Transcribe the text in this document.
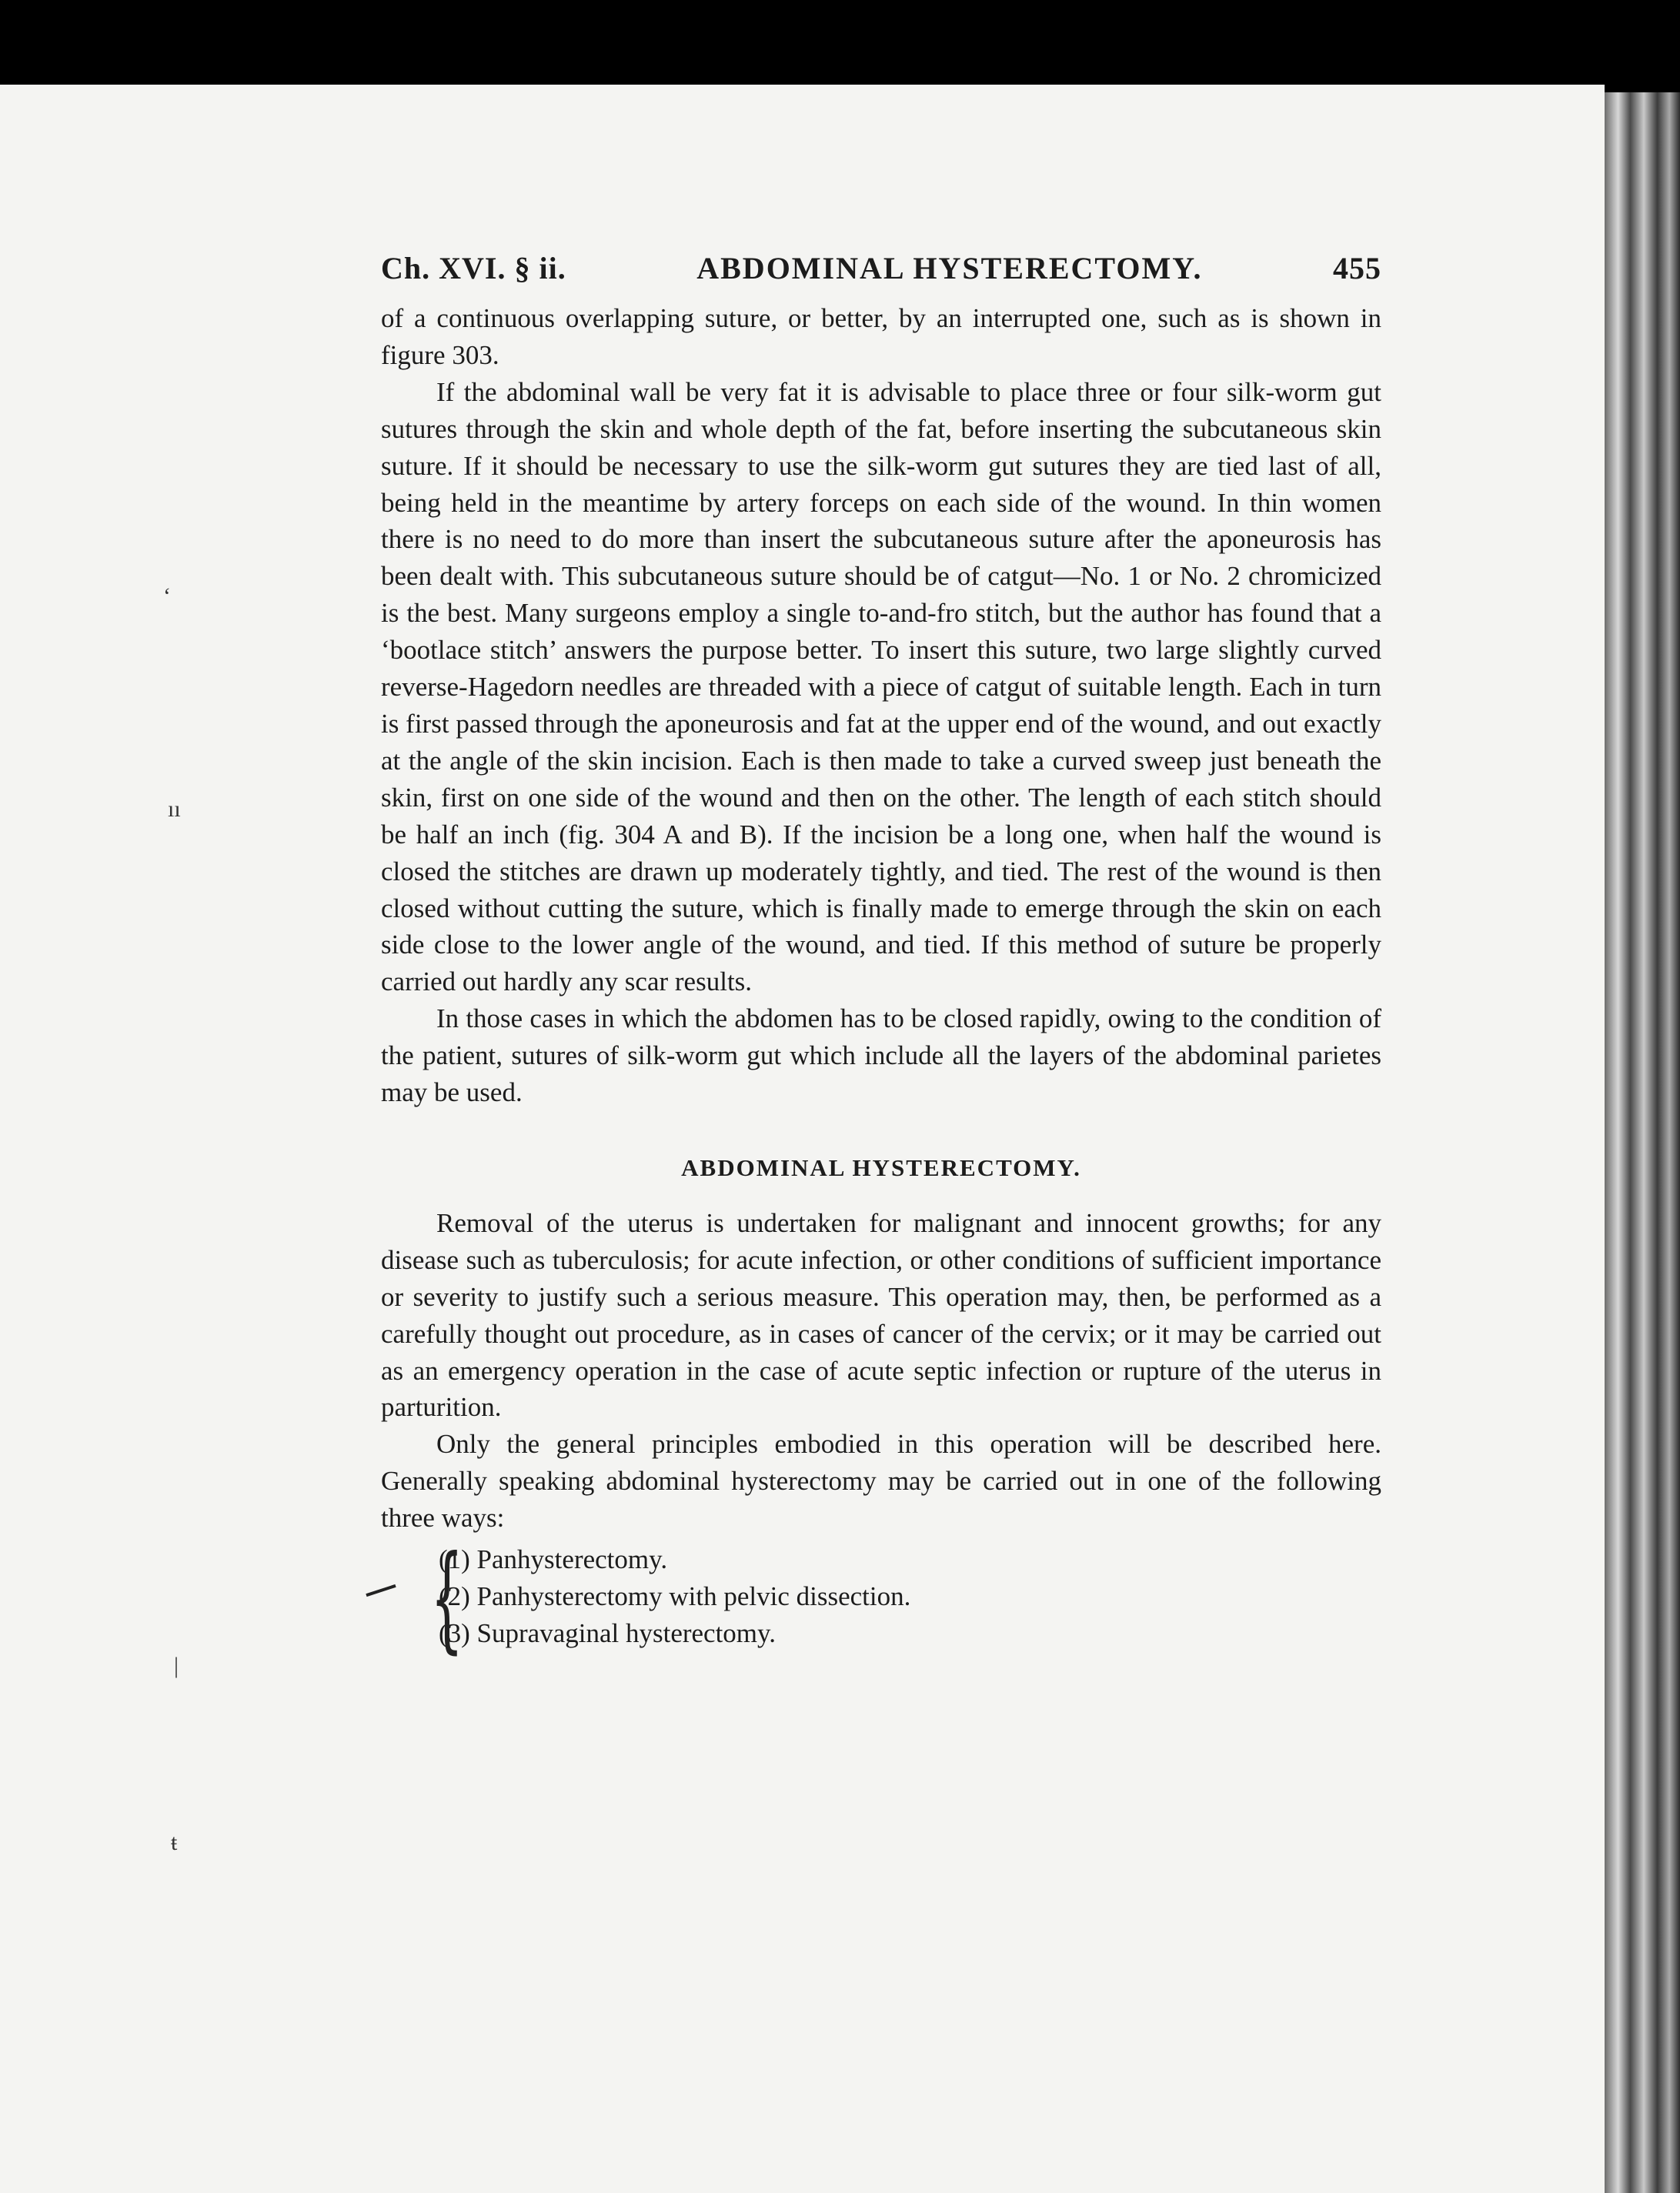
‘
ıı
|
ŧ
Ch. XVI. § ii.	ABDOMINAL HYSTERECTOMY.	455

of a continuous overlapping suture, or better, by an interrupted one, such as is shown in figure 303.

If the abdominal wall be very fat it is advisable to place three or four silk-worm gut sutures through the skin and whole depth of the fat, before inserting the subcutaneous skin suture. If it should be necessary to use the silk-worm gut sutures they are tied last of all, being held in the meantime by artery forceps on each side of the wound. In thin women there is no need to do more than insert the subcutaneous suture after the aponeurosis has been dealt with. This subcutaneous suture should be of catgut—No. 1 or No. 2 chromicized is the best. Many surgeons employ a single to-and-fro stitch, but the author has found that a ‘bootlace stitch’ answers the purpose better. To insert this suture, two large slightly curved reverse-Hagedorn needles are threaded with a piece of catgut of suitable length. Each in turn is first passed through the aponeurosis and fat at the upper end of the wound, and out exactly at the angle of the skin incision. Each is then made to take a curved sweep just beneath the skin, first on one side of the wound and then on the other. The length of each stitch should be half an inch (fig. 304 A and B). If the incision be a long one, when half the wound is closed the stitches are drawn up moderately tightly, and tied. The rest of the wound is then closed without cutting the suture, which is finally made to emerge through the skin on each side close to the lower angle of the wound, and tied. If this method of suture be properly carried out hardly any scar results.

In those cases in which the abdomen has to be closed rapidly, owing to the condition of the patient, sutures of silk-worm gut which include all the layers of the abdominal parietes may be used.

ABDOMINAL HYSTERECTOMY.

Removal of the uterus is undertaken for malignant and innocent growths; for any disease such as tuberculosis; for acute infection, or other conditions of sufficient importance or severity to justify such a serious measure. This operation may, then, be performed as a carefully thought out procedure, as in cases of cancer of the cervix; or it may be carried out as an emergency operation in the case of acute septic infection or rupture of the uterus in parturition.

Only the general principles embodied in this operation will be described here. Generally speaking abdominal hysterectomy may be carried out in one of the following three ways:

{
(1) Panhysterectomy.
(2) Panhysterectomy with pelvic dissection.
(3) Supravaginal hysterectomy.
